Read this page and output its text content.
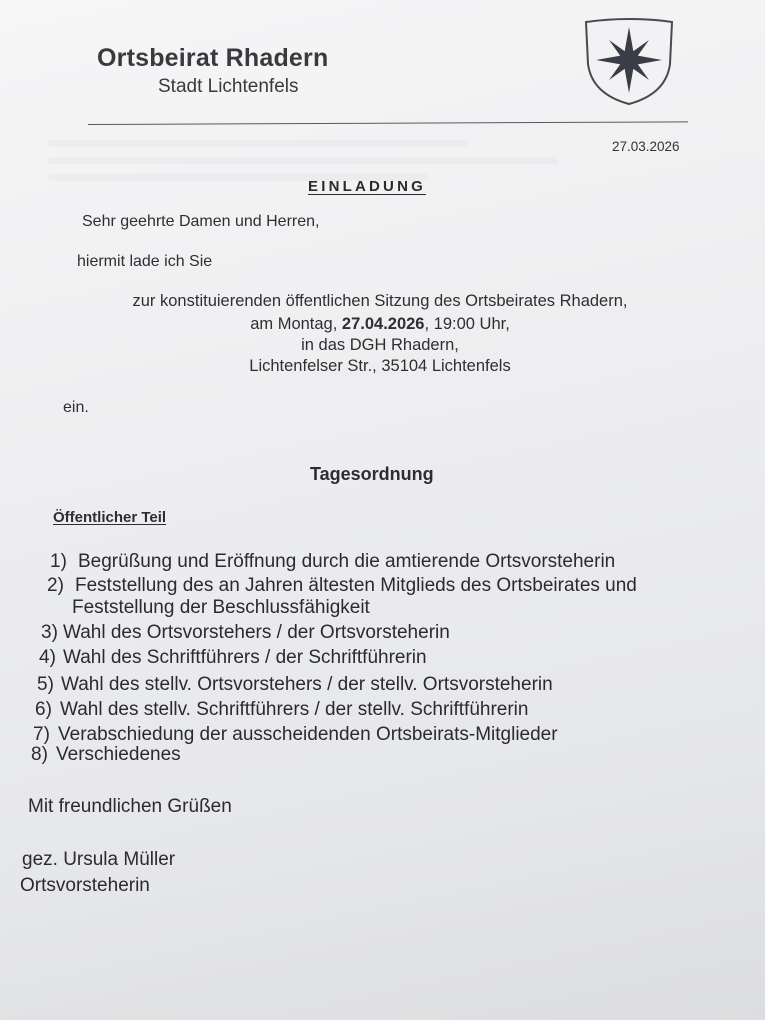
Ortsbeirat Rhadern
Stadt Lichtenfels
27.03.2026
EINLADUNG
Sehr geehrte Damen und Herren,
hiermit lade ich Sie
zur konstituierenden öffentlichen Sitzung des Ortsbeirates Rhadern,
am Montag, 27.04.2026, 19:00 Uhr,
in das DGH Rhadern,
Lichtenfelser Str., 35104 Lichtenfels
ein.
Tagesordnung
Öffentlicher Teil
1) Begrüßung und Eröffnung durch die amtierende Ortsvorsteherin
2) Feststellung des an Jahren ältesten Mitglieds des Ortsbeirates und
Feststellung der Beschlussfähigkeit
3) Wahl des Ortsvorstehers / der Ortsvorsteherin
4) Wahl des Schriftführers / der Schriftführerin
5) Wahl des stellv. Ortsvorstehers / der stellv. Ortsvorsteherin
6) Wahl des stellv. Schriftführers / der stellv. Schriftführerin
7) Verabschiedung der ausscheidenden Ortsbeirats-Mitglieder
8) Verschiedenes
Mit freundlichen Grüßen
gez. Ursula Müller
Ortsvorsteherin
